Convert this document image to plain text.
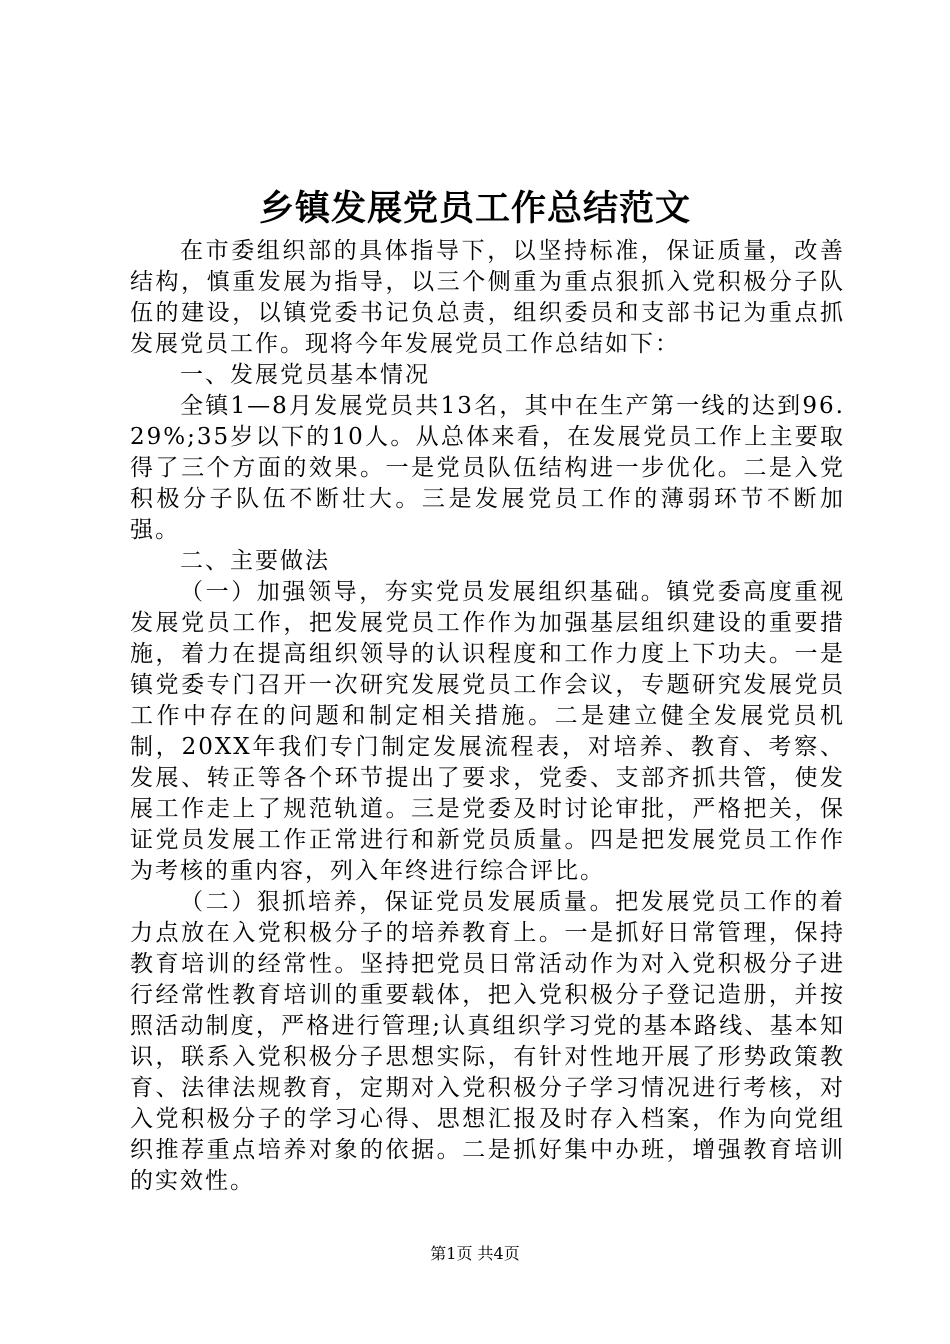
乡镇发展党员工作总结范文

在市委组织部的具体指导下，以坚持标准，保证质量，改善结构，慎重发展为指导，以三个侧重为重点狠抓入党积极分子队伍的建设，以镇党委书记负总责，组织委员和支部书记为重点抓发展党员工作。现将今年发展党员工作总结如下：

一、发展党员基本情况

全镇1—8月发展党员共13名，其中在生产第一线的达到96.29%;35岁以下的10人。从总体来看，在发展党员工作上主要取得了三个方面的效果。一是党员队伍结构进一步优化。二是入党积极分子队伍不断壮大。三是发展党员工作的薄弱环节不断加强。

二、主要做法

（一）加强领导，夯实党员发展组织基础。镇党委高度重视发展党员工作，把发展党员工作作为加强基层组织建设的重要措施，着力在提高组织领导的认识程度和工作力度上下功夫。一是镇党委专门召开一次研究发展党员工作会议，专题研究发展党员工作中存在的问题和制定相关措施。二是建立健全发展党员机制，20XX年我们专门制定发展流程表，对培养、教育、考察、发展、转正等各个环节提出了要求，党委、支部齐抓共管，使发展工作走上了规范轨道。三是党委及时讨论审批，严格把关，保证党员发展工作正常进行和新党员质量。四是把发展党员工作作为考核的重内容，列入年终进行综合评比。

（二）狠抓培养，保证党员发展质量。把发展党员工作的着力点放在入党积极分子的培养教育上。一是抓好日常管理，保持教育培训的经常性。坚持把党员日常活动作为对入党积极分子进行经常性教育培训的重要载体，把入党积极分子登记造册，并按照活动制度，严格进行管理;认真组织学习党的基本路线、基本知识，联系入党积极分子思想实际，有针对性地开展了形势政策教育、法律法规教育，定期对入党积极分子学习情况进行考核，对入党积极分子的学习心得、思想汇报及时存入档案，作为向党组织推荐重点培养对象的依据。二是抓好集中办班，增强教育培训的实效性。

第1页 共4页
